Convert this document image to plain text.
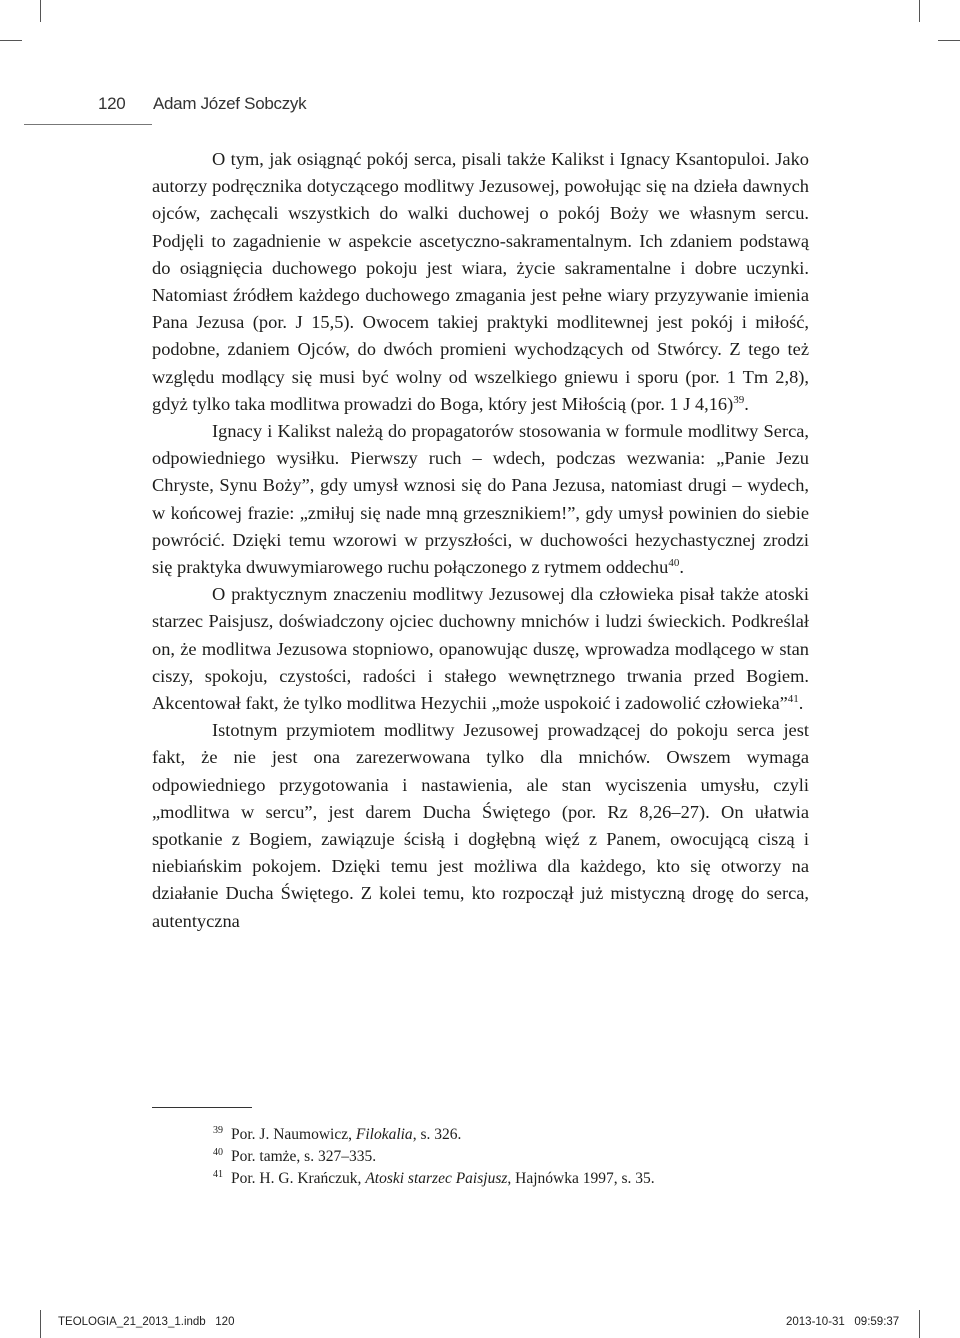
120 Adam Józef Sobczyk

O tym, jak osiągnąć pokój serca, pisali także Kalikst i Ignacy Ksantopuloi. Jako autorzy podręcznika dotyczącego modlitwy Jezusowej, powołując się na dzieła dawnych ojców, zachęcali wszystkich do walki duchowej o pokój Boży we własnym sercu. Podjęli to zagadnienie w aspekcie ascetyczno-sakramentalnym. Ich zdaniem podstawą do osiągnięcia duchowego pokoju jest wiara, życie sakramentalne i dobre uczynki. Natomiast źródłem każdego duchowego zmagania jest pełne wiary przyzywanie imienia Pana Jezusa (por. J 15,5). Owocem takiej praktyki modlitewnej jest pokój i miłość, podobne, zdaniem Ojców, do dwóch promieni wychodzących od Stwórcy. Z tego też względu modlący się musi być wolny od wszelkiego gniewu i sporu (por. 1 Tm 2,8), gdyż tylko taka modlitwa prowadzi do Boga, który jest Miłością (por. 1 J 4,16)$^{39}$.

Ignacy i Kalikst należą do propagatorów stosowania w formule modlitwy Serca, odpowiedniego wysiłku. Pierwszy ruch – wdech, podczas wezwania: „Panie Jezu Chryste, Synu Boży”, gdy umysł wznosi się do Pana Jezusa, natomiast drugi – wydech, w końcowej frazie: „zmiłuj się nade mną grzesznikiem!”, gdy umysł powinien do siebie powrócić. Dzięki temu wzorowi w przyszłości, w duchowości hezychastycznej zrodzi się praktyka dwuwymiarowego ruchu połączonego z rytmem oddechu$^{40}$.

O praktycznym znaczeniu modlitwy Jezusowej dla człowieka pisał także atoski starzec Paisjusz, doświadczony ojciec duchowny mnichów i ludzi świeckich. Podkreślał on, że modlitwa Jezusowa stopniowo, opanowując duszę, wprowadza modlącego w stan ciszy, spokoju, czystości, radości i stałego wewnętrznego trwania przed Bogiem. Akcentował fakt, że tylko modlitwa Hezychii „może uspokoić i zadowolić człowieka”$^{41}$.

Istotnym przymiotem modlitwy Jezusowej prowadzącej do pokoju serca jest fakt, że nie jest ona zarezerwowana tylko dla mnichów. Owszem wymaga odpowiedniego przygotowania i nastawienia, ale stan wyciszenia umysłu, czyli „modlitwa w sercu”, jest darem Ducha Świętego (por. Rz 8,26–27). On ułatwia spotkanie z Bogiem, zawiązuje ścisłą i dogłębną więź z Panem, owocującą ciszą i niebiańskim pokojem. Dzięki temu jest możliwa dla każdego, kto się otworzy na działanie Ducha Świętego. Z kolei temu, kto rozpoczął już mistyczną drogę do serca, autentyczna

$^{39}$ Por. J. Naumowicz, Filokalia, s. 326.
$^{40}$ Por. tamże, s. 327–335.
$^{41}$ Por. H. G. Krańczuk, Atoski starzec Paisjusz, Hajnówka 1997, s. 35.
TEOLOGIA_21_2013_1.indb   120	2013-10-31   09:59:37
